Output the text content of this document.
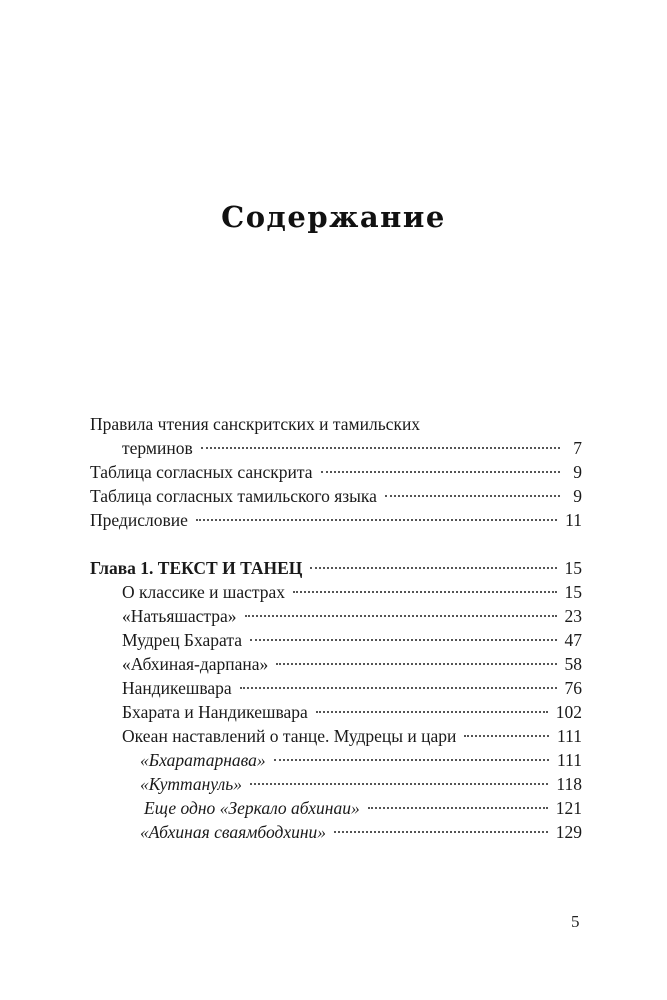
Содержание
Правила чтения санскритских и тамильских
терминов	7
Таблица согласных санскрита	9
Таблица согласных тамильского языка	9
Предисловие	11
Глава 1. ТЕКСТ И ТАНЕЦ	15
О классике и шастрах	15
«Натьяшастра»	23
Мудрец Бхарата	47
«Абхиная-дарпана»	58
Нандикешвара	76
Бхарата и Нандикешвара	102
Океан наставлений о танце. Мудрецы и цари	111
«Бхаратарнава»	111
«Куттануль»	118
Еще одно «Зеркало абхинаи»	121
«Абхиная сваямбодхини»	129
5
